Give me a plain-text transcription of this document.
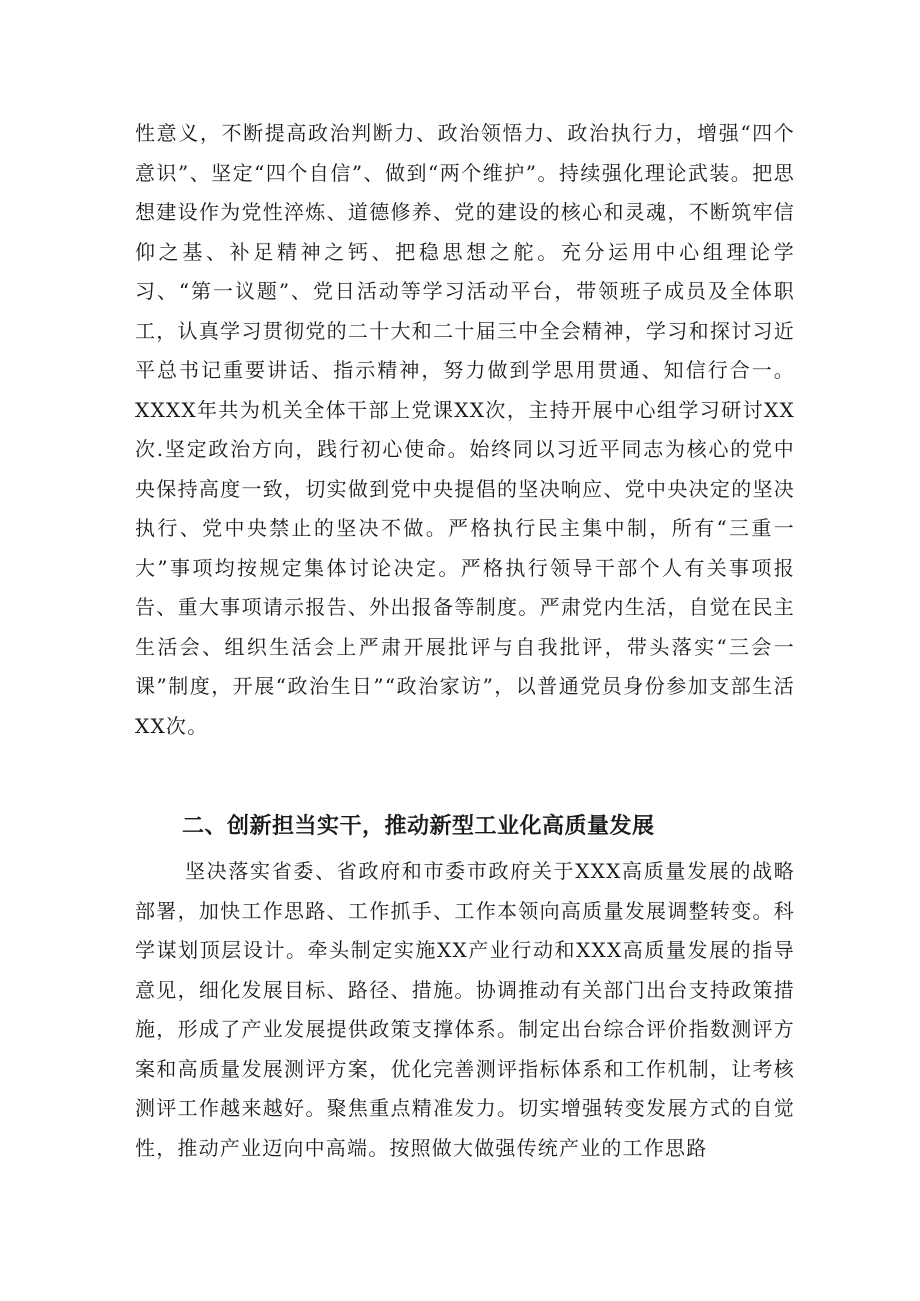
性意义，不断提高政治判断力、政治领悟力、政治执行力，增强“四个意识”、坚定“四个自信”、做到“两个维护”。持续强化理论武装。把思想建设作为党性淬炼、道德修养、党的建设的核心和灵魂，不断筑牢信仰之基、补足精神之钙、把稳思想之舵。充分运用中心组理论学习、“第一议题”、党日活动等学习活动平台，带领班子成员及全体职工，认真学习贯彻党的二十大和二十届三中全会精神，学习和探讨习近平总书记重要讲话、指示精神，努力做到学思用贯通、知信行合一。XXXX年共为机关全体干部上党课XX次，主持开展中心组学习研讨XX次.坚定政治方向，践行初心使命。始终同以习近平同志为核心的党中央保持高度一致，切实做到党中央提倡的坚决响应、党中央决定的坚决执行、党中央禁止的坚决不做。严格执行民主集中制，所有“三重一大”事项均按规定集体讨论决定。严格执行领导干部个人有关事项报告、重大事项请示报告、外出报备等制度。严肃党内生活，自觉在民主生活会、组织生活会上严肃开展批评与自我批评，带头落实“三会一课”制度，开展“政治生日”“政治家访”，以普通党员身份参加支部生活XX次。

二、创新担当实干，推动新型工业化高质量发展

坚决落实省委、省政府和市委市政府关于XXX高质量发展的战略部署，加快工作思路、工作抓手、工作本领向高质量发展调整转变。科学谋划顶层设计。牵头制定实施XX产业行动和XXX高质量发展的指导意见，细化发展目标、路径、措施。协调推动有关部门出台支持政策措施，形成了产业发展提供政策支撑体系。制定出台综合评价指数测评方案和高质量发展测评方案，优化完善测评指标体系和工作机制，让考核测评工作越来越好。聚焦重点精准发力。切实增强转变发展方式的自觉性，推动产业迈向中高端。按照做大做强传统产业的工作思路
